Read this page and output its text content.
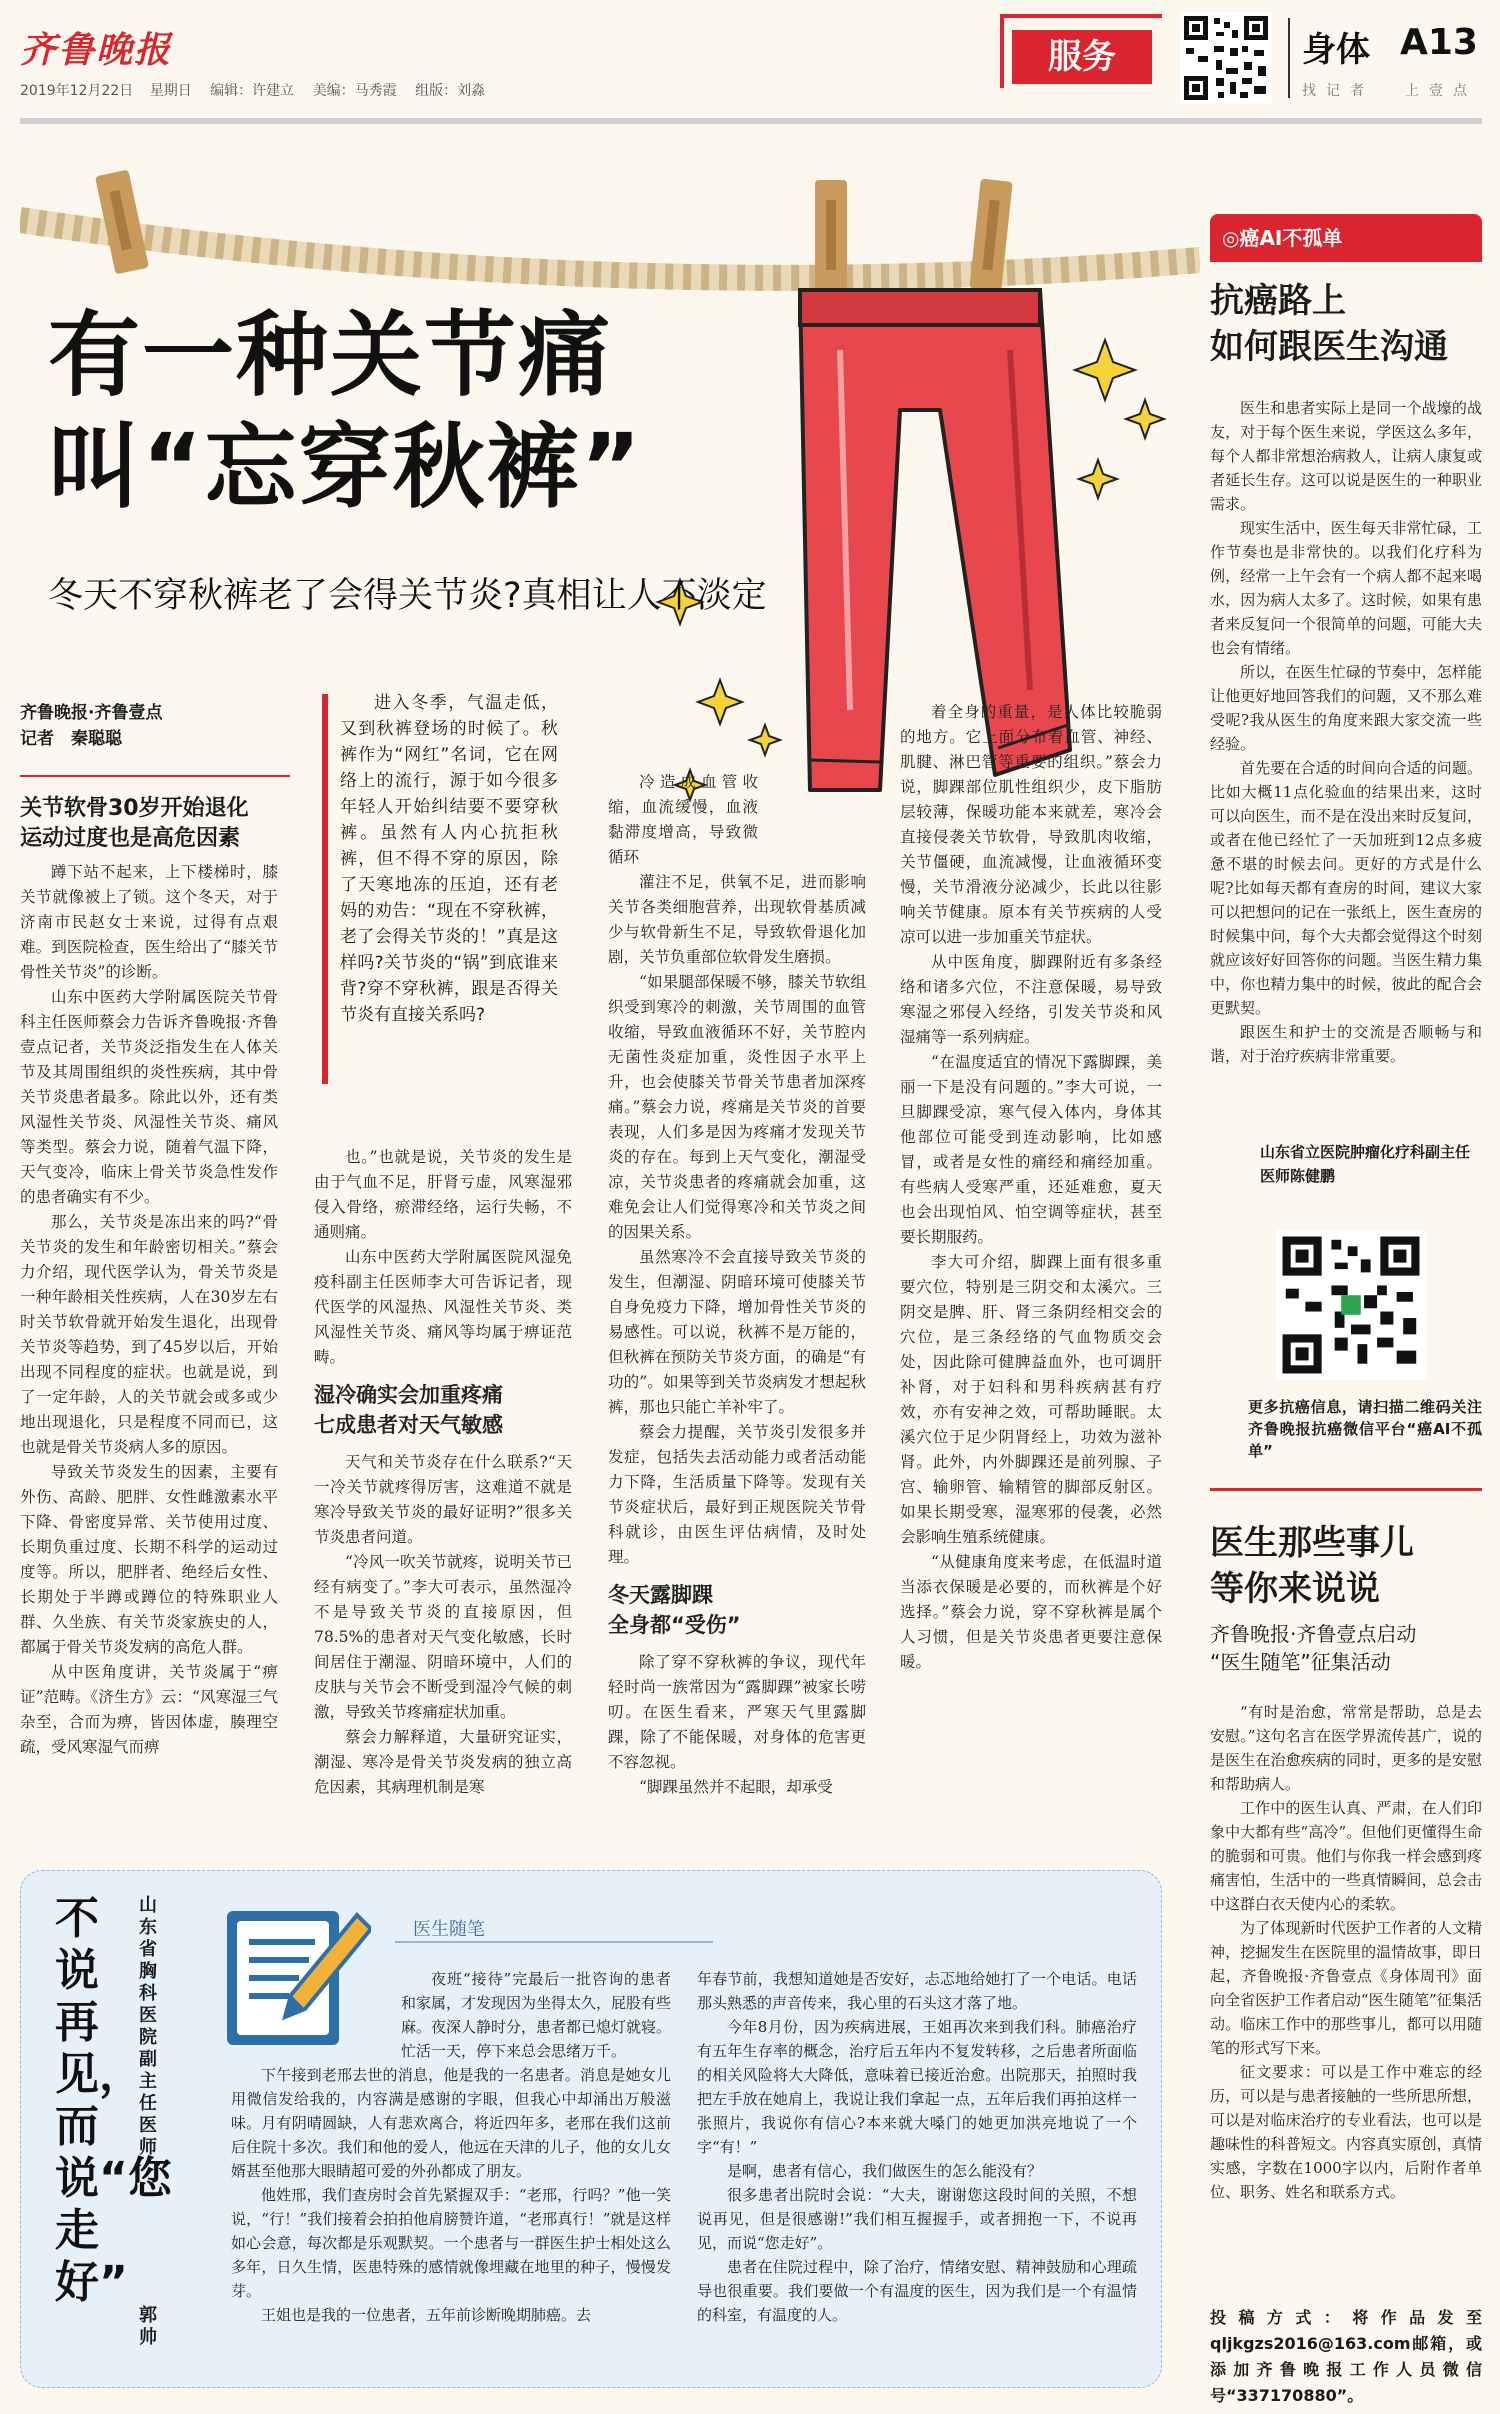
齐鲁晚报
2019年12月22日 星期日 编辑：许建立 美编：马秀霞 组版：刘淼
服务	身体 A13
找记者 上壹点
有一种关节痛
叫“忘穿秋裤”
冬天不穿秋裤老了会得关节炎?真相让人不淡定
齐鲁晚报·齐鲁壹点
记者　秦聪聪
进入冬季，气温走低，又到秋裤登场的时候了。秋裤作为“网红”名词，它在网络上的流行，源于如今很多年轻人开始纠结要不要穿秋裤。虽然有人内心抗拒秋裤，但不得不穿的原因，除了天寒地冻的压迫，还有老妈的劝告：“现在不穿秋裤，老了会得关节炎的！”真是这样吗?关节炎的“锅”到底谁来背?穿不穿秋裤，跟是否得关节炎有直接关系吗?
关节软骨30岁开始退化
运动过度也是高危因素

蹲下站不起来，上下楼梯时，膝关节就像被上了锁。这个冬天，对于济南市民赵女士来说，过得有点艰难。到医院检查，医生给出了“膝关节骨性关节炎”的诊断。

山东中医药大学附属医院关节骨科主任医师蔡会力告诉齐鲁晚报·齐鲁壹点记者，关节炎泛指发生在人体关节及其周围组织的炎性疾病，其中骨关节炎患者最多。除此以外，还有类风湿性关节炎、风湿性关节炎、痛风等类型。蔡会力说，随着气温下降，天气变冷，临床上骨关节炎急性发作的患者确实有不少。

那么，关节炎是冻出来的吗?“骨关节炎的发生和年龄密切相关。”蔡会力介绍，现代医学认为，骨关节炎是一种年龄相关性疾病，人在30岁左右时关节软骨就开始发生退化，出现骨关节炎等趋势，到了45岁以后，开始出现不同程度的症状。也就是说，到了一定年龄，人的关节就会或多或少地出现退化，只是程度不同而已，这也就是骨关节炎病人多的原因。

导致关节炎发生的因素，主要有外伤、高龄、肥胖、女性雌激素水平下降、骨密度异常、关节使用过度、长期负重过度、长期不科学的运动过度等。所以，肥胖者、绝经后女性、长期处于半蹲或蹲位的特殊职业人群、久坐族、有关节炎家族史的人，都属于骨关节炎发病的高危人群。

从中医角度讲，关节炎属于“痹证”范畴。《济生方》云：“风寒湿三气杂至，合而为痹，皆因体虚，腠理空疏，受风寒湿气而痹

也。”也就是说，关节炎的发生是由于气血不足，肝肾亏虚，风寒湿邪侵入骨络，瘀滞经络，运行失畅，不通则痛。

山东中医药大学附属医院风湿免疫科副主任医师李大可告诉记者，现代医学的风湿热、风湿性关节炎、类风湿性关节炎、痛风等均属于痹证范畴。

湿冷确实会加重疼痛
七成患者对天气敏感

天气和关节炎存在什么联系?“天一冷关节就疼得厉害，这难道不就是寒冷导致关节炎的最好证明?”很多关节炎患者问道。

“冷风一吹关节就疼，说明关节已经有病变了。”李大可表示，虽然湿冷不是导致关节炎的直接原因，但78.5%的患者对天气变化敏感，长时间居住于潮湿、阴暗环境中，人们的皮肤与关节会不断受到湿冷气候的刺激，导致关节疼痛症状加重。

蔡会力解释道，大量研究证实，潮湿、寒冷是骨关节炎发病的独立高危因素，其病理机制是寒

冷造成血管收缩，血流缓慢，血液黏滞度增高，导致微循环

灌注不足，供氧不足，进而影响关节各类细胞营养，出现软骨基质减少与软骨新生不足，导致软骨退化加剧，关节负重部位软骨发生磨损。

“如果腿部保暖不够，膝关节软组织受到寒冷的刺激，关节周围的血管收缩，导致血液循环不好，关节腔内无菌性炎症加重，炎性因子水平上升，也会使膝关节骨关节患者加深疼痛。”蔡会力说，疼痛是关节炎的首要表现，人们多是因为疼痛才发现关节炎的存在。每到上天气变化，潮湿受凉，关节炎患者的疼痛就会加重，这难免会让人们觉得寒冷和关节炎之间的因果关系。

虽然寒冷不会直接导致关节炎的发生，但潮湿、阴暗环境可使膝关节自身免疫力下降，增加骨性关节炎的易感性。可以说，秋裤不是万能的，但秋裤在预防关节炎方面，的确是“有功的”。如果等到关节炎病发才想起秋裤，那也只能亡羊补牢了。

蔡会力提醒，关节炎引发很多并发症，包括失去活动能力或者活动能力下降，生活质量下降等。发现有关节炎症状后，最好到正规医院关节骨科就诊，由医生评估病情，及时处理。

冬天露脚踝
全身都“受伤”

除了穿不穿秋裤的争议，现代年轻时尚一族常因为“露脚踝”被家长唠叨。在医生看来，严寒天气里露脚踝，除了不能保暖，对身体的危害更不容忽视。

“脚踝虽然并不起眼，却承受

着全身的重量，是人体比较脆弱的地方。它上面分布着血管、神经、肌腱、淋巴管等重要的组织。”蔡会力说，脚踝部位肌性组织少，皮下脂肪层较薄，保暖功能本来就差，寒冷会直接侵袭关节软骨，导致肌肉收缩，关节僵硬，血流减慢，让血液循环变慢，关节滑液分泌减少，长此以往影响关节健康。原本有关节疾病的人受凉可以进一步加重关节症状。

从中医角度，脚踝附近有多条经络和诸多穴位，不注意保暖，易导致寒湿之邪侵入经络，引发关节炎和风湿痛等一系列病症。

“在温度适宜的情况下露脚踝，美丽一下是没有问题的。”李大可说，一旦脚踝受凉，寒气侵入体内，身体其他部位可能受到连动影响，比如感冒，或者是女性的痛经和痛经加重。有些病人受寒严重，还延难愈，夏天也会出现怕风、怕空调等症状，甚至要长期服药。

李大可介绍，脚踝上面有很多重要穴位，特别是三阴交和太溪穴。三阴交是脾、肝、肾三条阴经相交会的穴位，是三条经络的气血物质交会处，因此除可健脾益血外，也可调肝补肾，对于妇科和男科疾病甚有疗效，亦有安神之效，可帮助睡眠。太溪穴位于足少阴肾经上，功效为滋补肾。此外，内外脚踝还是前列腺、子宫、输卵管、输精管的脚部反射区。如果长期受寒，湿寒邪的侵袭，必然会影响生殖系统健康。

“从健康角度来考虑，在低温时道当添衣保暖是必要的，而秋裤是个好选择。”蔡会力说，穿不穿秋裤是属个人习惯，但是关节炎患者更要注意保暖。

◎癌AI不孤单
抗癌路上
如何跟医生沟通

医生和患者实际上是同一个战壕的战友，对于每个医生来说，学医这么多年，每个人都非常想治病救人，让病人康复或者延长生存。这可以说是医生的一种职业需求。

现实生活中，医生每天非常忙碌，工作节奏也是非常快的。以我们化疗科为例，经常一上午会有一个病人都不起来喝水，因为病人太多了。这时候，如果有患者来反复问一个很简单的问题，可能大夫也会有情绪。

所以，在医生忙碌的节奏中，怎样能让他更好地回答我们的问题，又不那么难受呢?我从医生的角度来跟大家交流一些经验。

首先要在合适的时间向合适的问题。比如大概11点化验血的结果出来，这时可以向医生，而不是在没出来时反复问，或者在他已经忙了一天加班到12点多疲惫不堪的时候去问。更好的方式是什么呢?比如每天都有查房的时间，建议大家可以把想问的记在一张纸上，医生查房的时候集中问，每个大夫都会觉得这个时刻就应该好好回答你的问题。当医生精力集中，你也精力集中的时候，彼此的配合会更默契。

跟医生和护士的交流是否顺畅与和谐，对于治疗疾病非常重要。

山东省立医院肿瘤化疗科副主任医师陈健鹏
更多抗癌信息，请扫描二维码关注齐鲁晚报抗癌微信平台“癌AI不孤单”
医生那些事儿
等你来说说
齐鲁晚报·齐鲁壹点启动
“医生随笔”征集活动

“有时是治愈，常常是帮助，总是去安慰。”这句名言在医学界流传甚广，说的是医生在治愈疾病的同时，更多的是安慰和帮助病人。

工作中的医生认真、严肃，在人们印象中大都有些“高冷”。但他们更懂得生命的脆弱和可贵。他们与你我一样会感到疼痛害怕，生活中的一些真情瞬间，总会击中这群白衣天使内心的柔软。

为了体现新时代医护工作者的人文精神，挖掘发生在医院里的温情故事，即日起，齐鲁晚报·齐鲁壹点《身体周刊》面向全省医护工作者启动“医生随笔”征集活动。临床工作中的那些事儿，都可以用随笔的形式写下来。

征文要求：可以是工作中难忘的经历，可以是与患者接触的一些所思所想，可以是对临床治疗的专业看法，也可以是趣味性的科普短文。内容真实原创，真情实感，字数在1000字以内，后附作者单位、职务、姓名和联系方式。

投稿方式：将作品发至qljkgzs2016@163.com邮箱，或添加齐鲁晚报工作人员微信号“337170880”。
不说再见，而说“您走好”
山东省胸科医院副主任医师
郭帅
医生随笔

夜班“接待”完最后一批咨询的患者和家属，才发现因为坐得太久，屁股有些麻。夜深人静时分，患者都已熄灯就寝。忙活一天，停下来总会思绪万千。

下午接到老邢去世的消息，他是我的一名患者。消息是她女儿用微信发给我的，内容满是感谢的字眼，但我心中却涌出万般滋味。月有阴晴圆缺，人有悲欢离合，将近四年多，老邢在我们这前后住院十多次。我们和他的爱人，他远在天津的儿子，他的女儿女婿甚至他那大眼睛超可爱的外孙都成了朋友。

他姓邢，我们查房时会首先紧握双手：“老邢，行吗？”他一笑说，“行！”我们接着会拍拍他肩膀赞许道，“老邢真行！”就是这样如心会意，每次都是乐观默契。一个患者与一群医生护士相处这么多年，日久生情，医患特殊的感情就像埋藏在地里的种子，慢慢发芽。

王姐也是我的一位患者，五年前诊断晚期肺癌。去

年春节前，我想知道她是否安好，忐忑地给她打了一个电话。电话那头熟悉的声音传来，我心里的石头这才落了地。

今年8月份，因为疾病进展，王姐再次来到我们科。肺癌治疗有五年生存率的概念，治疗后五年内不复发转移，之后患者所面临的相关风险将大大降低，意味着已接近治愈。出院那天，拍照时我把左手放在她肩上，我说让我们拿起一点，五年后我们再拍这样一张照片，我说你有信心?本来就大嗓门的她更加洪亮地说了一个字“有！”

是啊，患者有信心，我们做医生的怎么能没有？

很多患者出院时会说：“大夫，谢谢您这段时间的关照，不想说再见，但是很感谢!”我们相互握握手，或者拥抱一下，不说再见，而说“您走好”。

患者在住院过程中，除了治疗，情绪安慰、精神鼓励和心理疏导也很重要。我们要做一个有温度的医生，因为我们是一个有温情的科室，有温度的人。
